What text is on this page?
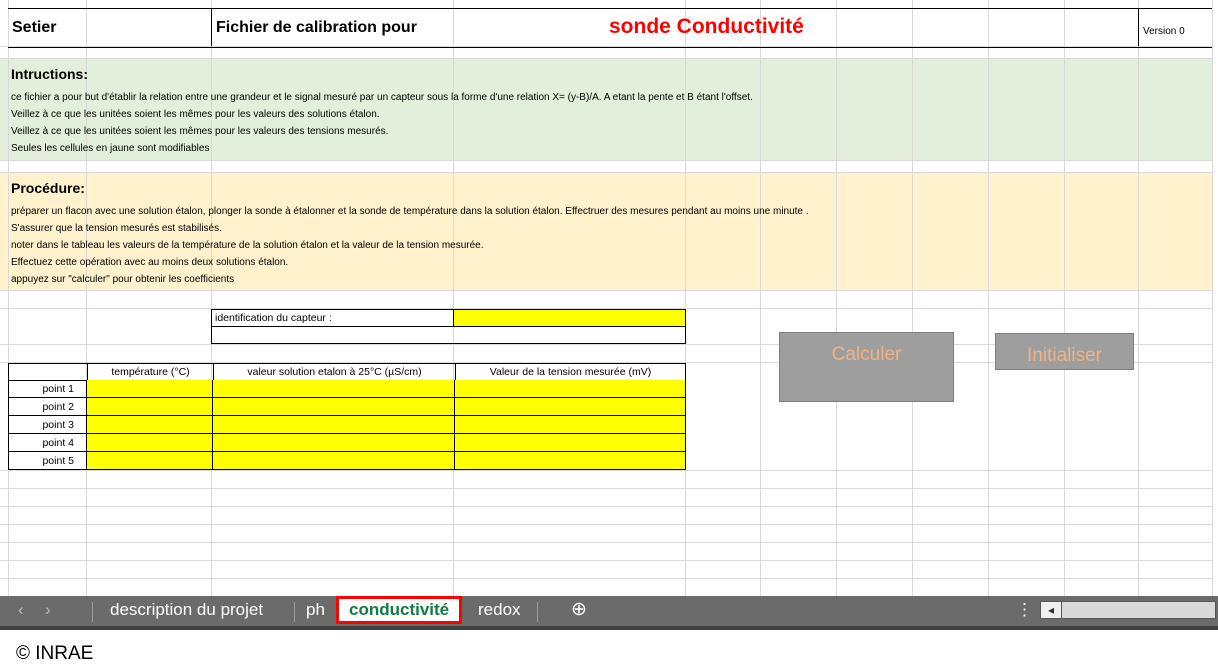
Setier	Fichier de calibration pour	sonde Conductivité	Version 0
Intructions:
ce fichier a pour but d'établir la relation entre une grandeur et le signal mesuré par un capteur sous la forme d'une relation X= (y-B)/A. A etant la pente et B étant l'offset.
Veillez à ce que les unitées soient les mêmes pour les valeurs des solutions étalon.
Veillez à ce que les unitées soient les mêmes pour les valeurs des tensions mesurés.
Seules les cellules en jaune sont modifiables
Procédure:
préparer un flacon avec une solution étalon, plonger la sonde à étalonner et la sonde de température dans la solution étalon. Effectruer des mesures pendant au moins une minute .
S'assurer que la tension mesurés est stabilisés.
noter dans le tableau les valeurs de la température de la solution étalon et la valeur de la tension mesurée.
Effectuez cette opération avec au moins deux solutions étalon.
appuyez sur "calculer" pour obtenir les coefficients
identification du capteur :
température (°C)	valeur solution etalon à 25°C (µS/cm)	Valeur de la tension mesurée (mV)
point 1
point 2
point 3
point 4
point 5
Calculer	Initialiser
‹ ›	description du projet	ph	conductivité	redox	⊕	⋮	◂
© INRAE
